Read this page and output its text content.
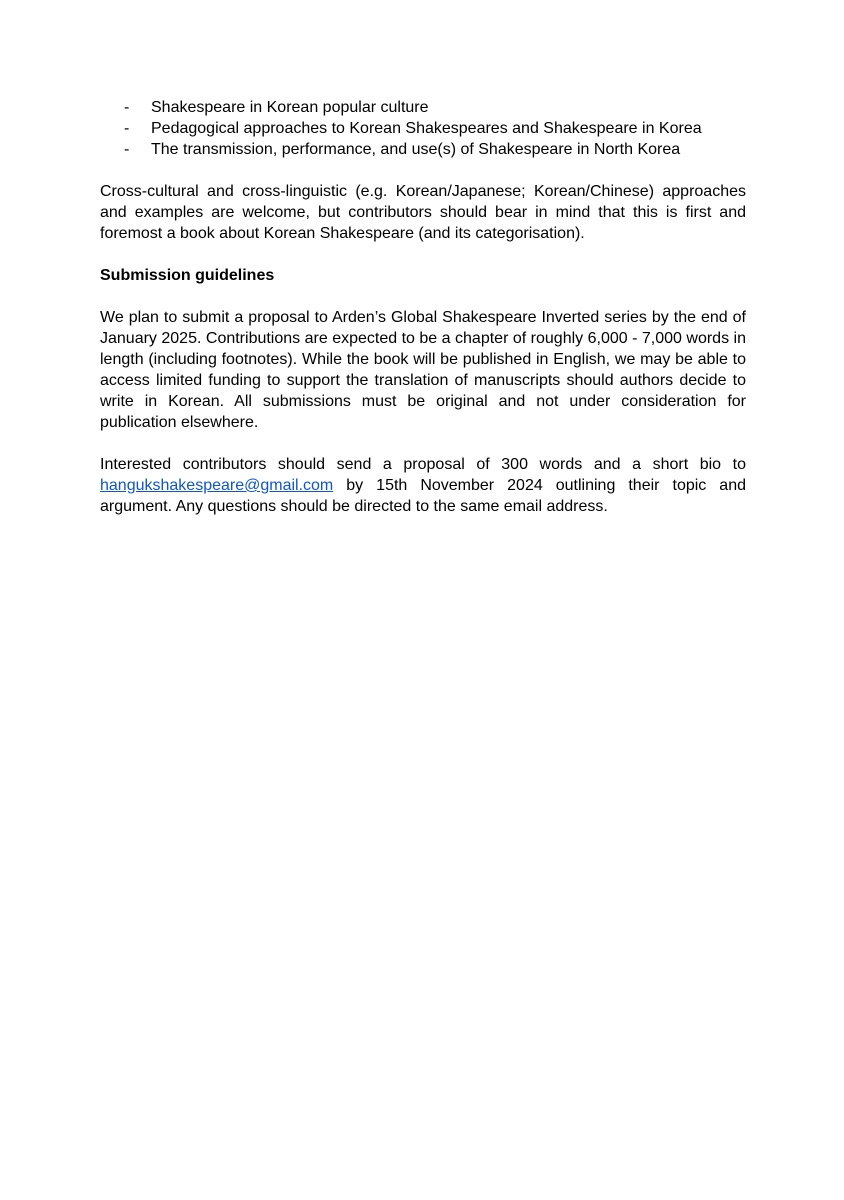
- Shakespeare in Korean popular culture
- Pedagogical approaches to Korean Shakespeares and Shakespeare in Korea
- The transmission, performance, and use(s) of Shakespeare in North Korea

Cross-cultural and cross-linguistic (e.g. Korean/Japanese; Korean/Chinese) approaches and examples are welcome, but contributors should bear in mind that this is first and foremost a book about Korean Shakespeare (and its categorisation).

Submission guidelines

We plan to submit a proposal to Arden’s Global Shakespeare Inverted series by the end of January 2025. Contributions are expected to be a chapter of roughly 6,000 - 7,000 words in length (including footnotes). While the book will be published in English, we may be able to access limited funding to support the translation of manuscripts should authors decide to write in Korean. All submissions must be original and not under consideration for publication elsewhere.

Interested contributors should send a proposal of 300 words and a short bio to hangukshakespeare@gmail.com by 15th November 2024 outlining their topic and argument. Any questions should be directed to the same email address.
